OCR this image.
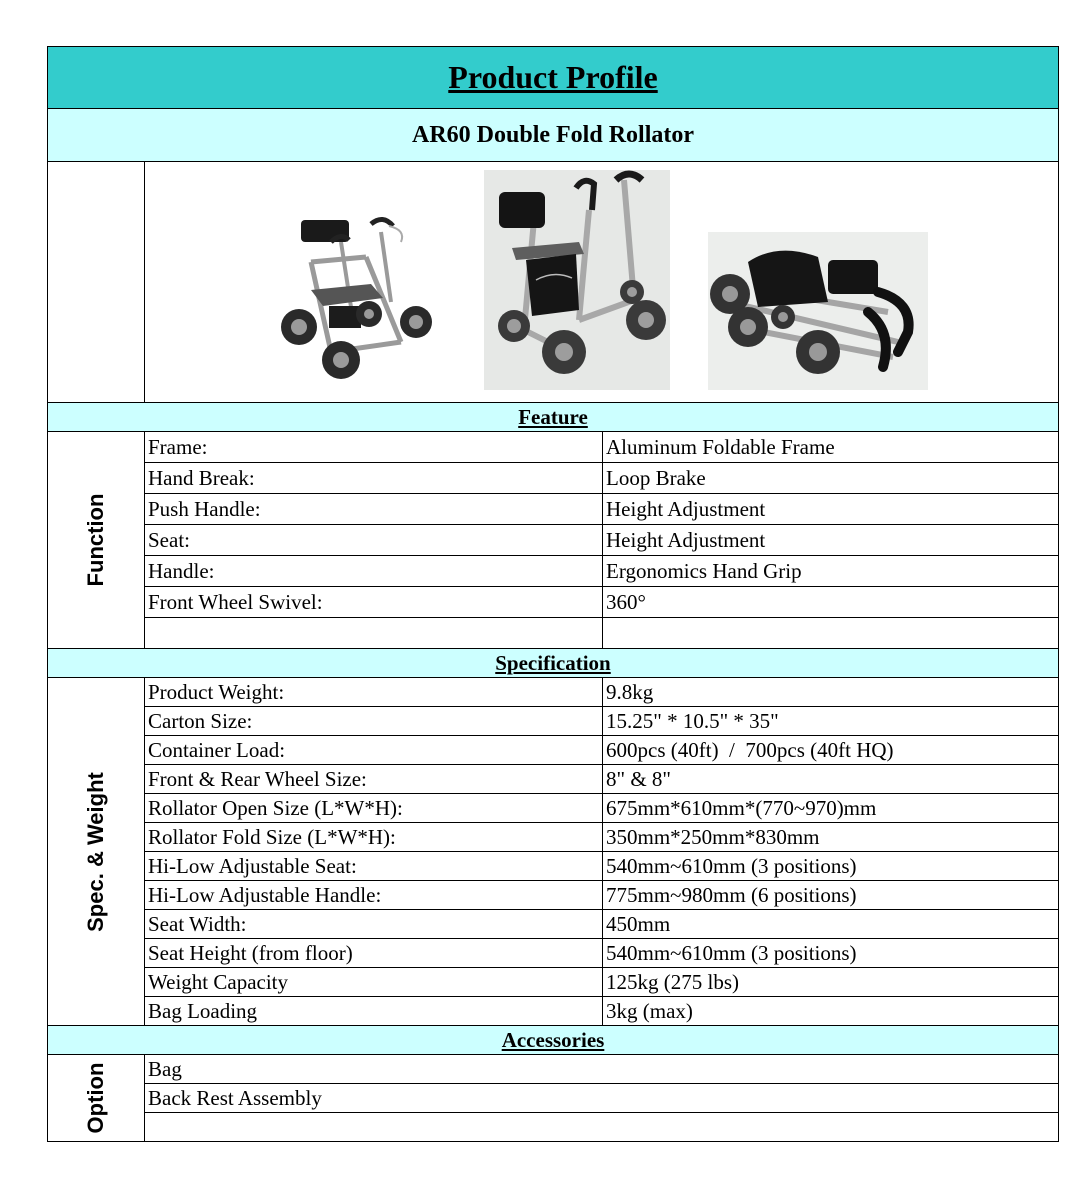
Product Profile		
AR60 Double Fold Rollator		

Feature		

Function	Frame:	Aluminum Foldable Frame
	Hand Break:	Loop Brake
	Push Handle:	Height Adjustment
	Seat:	Height Adjustment
	Handle:	Ergonomics Hand Grip
	Front Wheel Swivel:	360°

Specification		

Spec. & Weight	Product Weight:	9.8kg
	Carton Size:	15.25" * 10.5" * 35"
	Container Load:	600pcs (40ft)  /  700pcs (40ft HQ)
	Front & Rear Wheel Size:	8" & 8"
	Rollator Open Size (L*W*H):	675mm*610mm*(770~970)mm
	Rollator Fold Size (L*W*H):	350mm*250mm*830mm
	Hi-Low Adjustable Seat:	540mm~610mm (3 positions)
	Hi-Low Adjustable Handle:	775mm~980mm (6 positions)
	Seat Width:	450mm
	Seat Height (from floor)	540mm~610mm (3 positions)
	Weight Capacity	125kg (275 lbs)
	Bag Loading	3kg (max)
Accessories		

Option	Bag	
	Back Rest Assembly	
